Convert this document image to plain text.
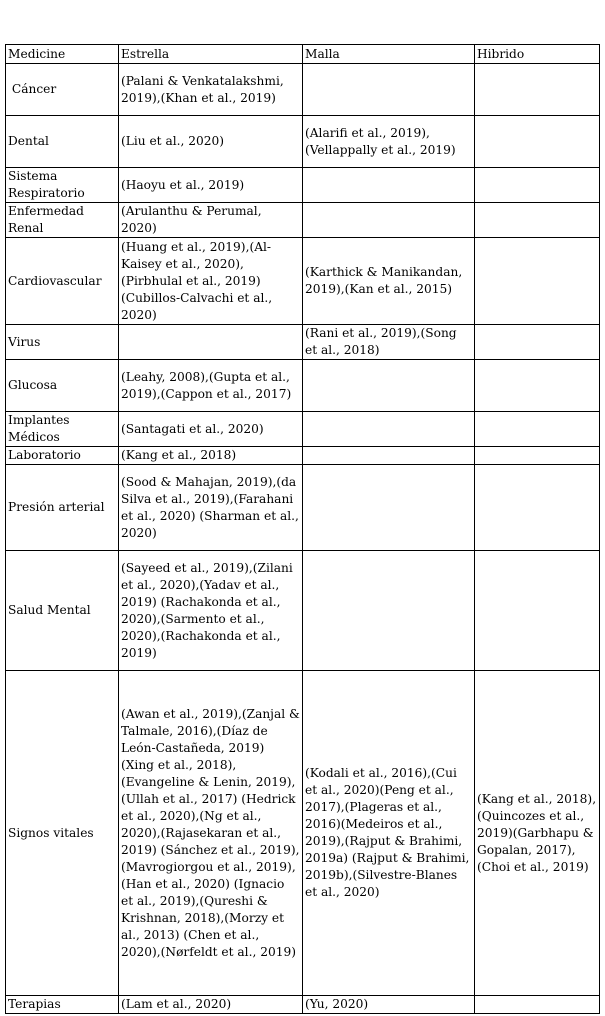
Medicine	Estrella	Malla	Hibrido
Cáncer	(Palani & Venkatalakshmi, 2019),(Khan et al., 2019)		
Dental	(Liu et al., 2020)	(Alarifi et al., 2019),(Vellappally et al., 2019)	
Sistema Respiratorio	(Haoyu et al., 2019)		
Enfermedad Renal	(Arulanthu & Perumal, 2020)		
Cardiovascular	(Huang et al., 2019),(Al-Kaisey et al., 2020),(Pirbhulal et al., 2019) (Cubillos-Calvachi et al., 2020)	(Karthick & Manikandan, 2019),(Kan et al., 2015)	
Virus		(Rani et al., 2019),(Song et al., 2018)	
Glucosa	(Leahy, 2008),(Gupta et al., 2019),(Cappon et al., 2017)		
Implantes Médicos	(Santagati et al., 2020)		
Laboratorio	(Kang et al., 2018)		
Presión arterial	(Sood & Mahajan, 2019),(da Silva et al., 2019),(Farahani et al., 2020) (Sharman et al., 2020)		
Salud Mental	(Sayeed et al., 2019),(Zilani et al., 2020),(Yadav et al., 2019) (Rachakonda et al., 2020),(Sarmento et al., 2020),(Rachakonda et al., 2019)		
Signos vitales	(Awan et al., 2019),(Zanjal & Talmale, 2016),(Díaz de León-Castañeda, 2019) (Xing et al., 2018),(Evangeline & Lenin, 2019),(Ullah et al., 2017) (Hedrick et al., 2020),(Ng et al., 2020),(Rajasekaran et al., 2019) (Sánchez et al., 2019),(Mavrogiorgou et al., 2019),(Han et al., 2020) (Ignacio et al., 2019),(Qureshi & Krishnan, 2018),(Morzy et al., 2013) (Chen et al., 2020),(Nørfeldt et al., 2019)	(Kodali et al., 2016),(Cui et al., 2020)(Peng et al., 2017),(Plageras et al., 2016)(Medeiros et al., 2019),(Rajput & Brahimi, 2019a) (Rajput & Brahimi, 2019b),(Silvestre-Blanes et al., 2020)	(Kang et al., 2018),(Quincozes et al., 2019)(Garbhapu & Gopalan, 2017),(Choi et al., 2019)
Terapias	(Lam et al., 2020)	(Yu, 2020)	
